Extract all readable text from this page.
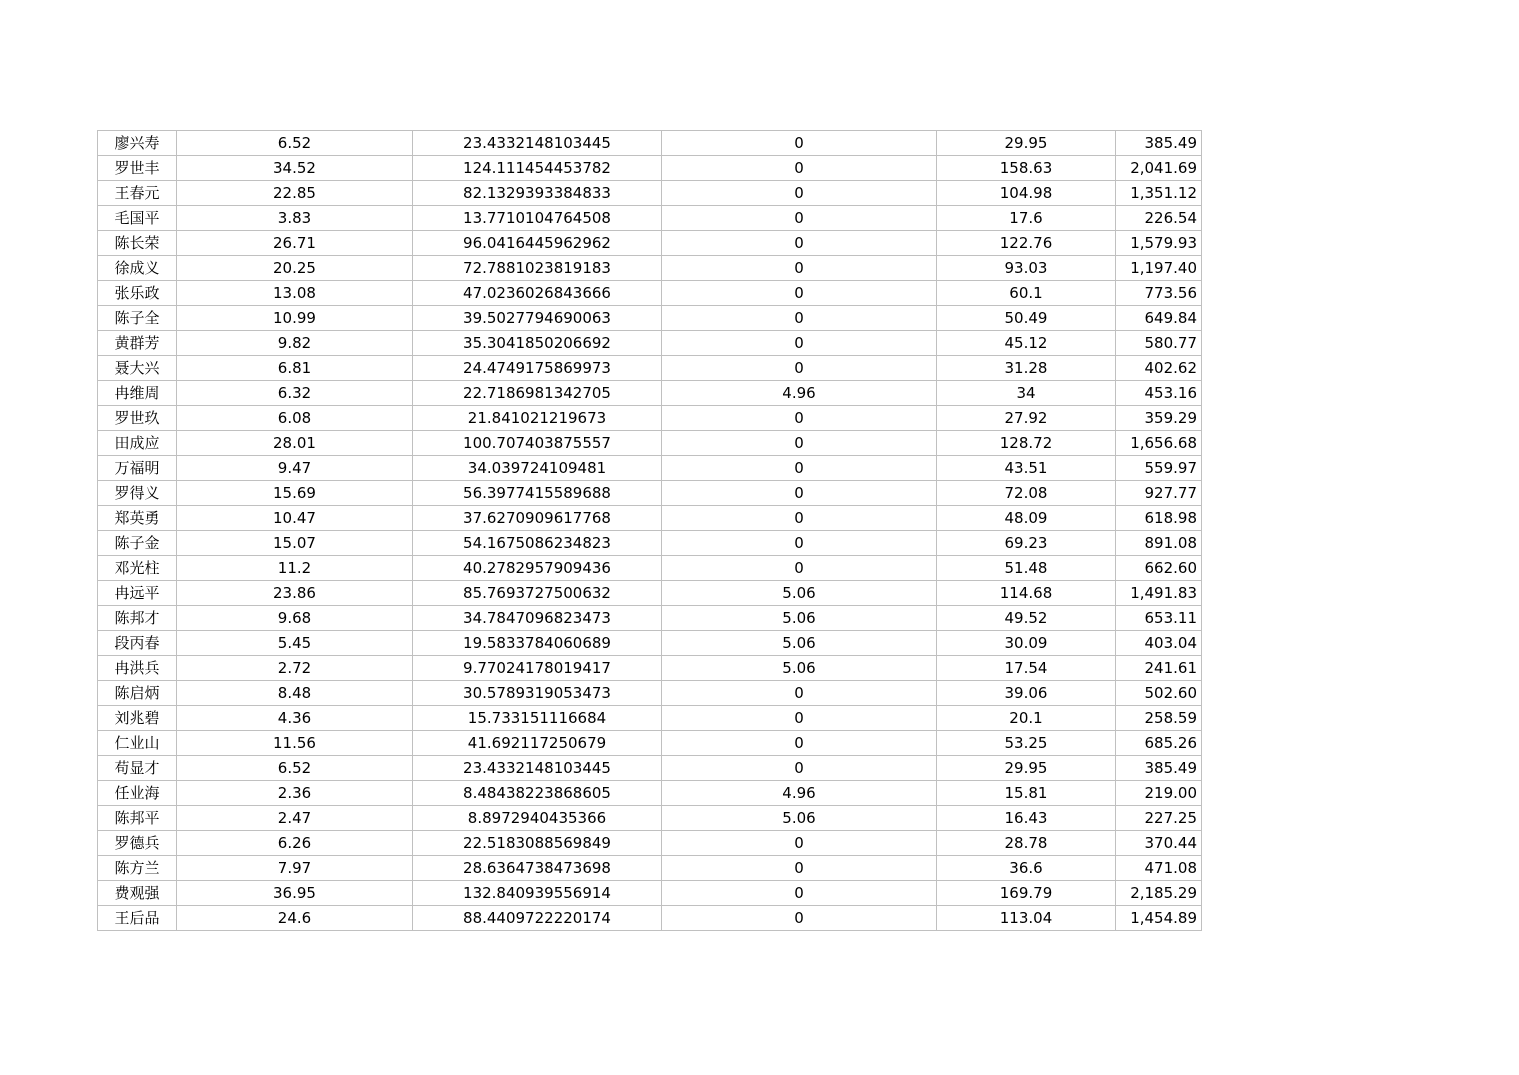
廖兴寿	6.52	23.4332148103445	0	29.95	385.49
罗世丰	34.52	124.111454453782	0	158.63	2,041.69
王春元	22.85	82.1329393384833	0	104.98	1,351.12
毛国平	3.83	13.7710104764508	0	17.6	226.54
陈长荣	26.71	96.0416445962962	0	122.76	1,579.93
徐成义	20.25	72.7881023819183	0	93.03	1,197.40
张乐政	13.08	47.0236026843666	0	60.1	773.56
陈子全	10.99	39.5027794690063	0	50.49	649.84
黄群芳	9.82	35.3041850206692	0	45.12	580.77
聂大兴	6.81	24.4749175869973	0	31.28	402.62
冉维周	6.32	22.7186981342705	4.96	34	453.16
罗世玖	6.08	21.841021219673	0	27.92	359.29
田成应	28.01	100.707403875557	0	128.72	1,656.68
万福明	9.47	34.039724109481	0	43.51	559.97
罗得义	15.69	56.3977415589688	0	72.08	927.77
郑英勇	10.47	37.6270909617768	0	48.09	618.98
陈子金	15.07	54.1675086234823	0	69.23	891.08
邓光柱	11.2	40.2782957909436	0	51.48	662.60
冉远平	23.86	85.7693727500632	5.06	114.68	1,491.83
陈邦才	9.68	34.7847096823473	5.06	49.52	653.11
段丙春	5.45	19.5833784060689	5.06	30.09	403.04
冉洪兵	2.72	9.77024178019417	5.06	17.54	241.61
陈启炳	8.48	30.5789319053473	0	39.06	502.60
刘兆碧	4.36	15.733151116684	0	20.1	258.59
仁业山	11.56	41.692117250679	0	53.25	685.26
苟显才	6.52	23.4332148103445	0	29.95	385.49
任业海	2.36	8.48438223868605	4.96	15.81	219.00
陈邦平	2.47	8.8972940435366	5.06	16.43	227.25
罗德兵	6.26	22.5183088569849	0	28.78	370.44
陈方兰	7.97	28.6364738473698	0	36.6	471.08
费观强	36.95	132.840939556914	0	169.79	2,185.29
王后品	24.6	88.4409722220174	0	113.04	1,454.89
